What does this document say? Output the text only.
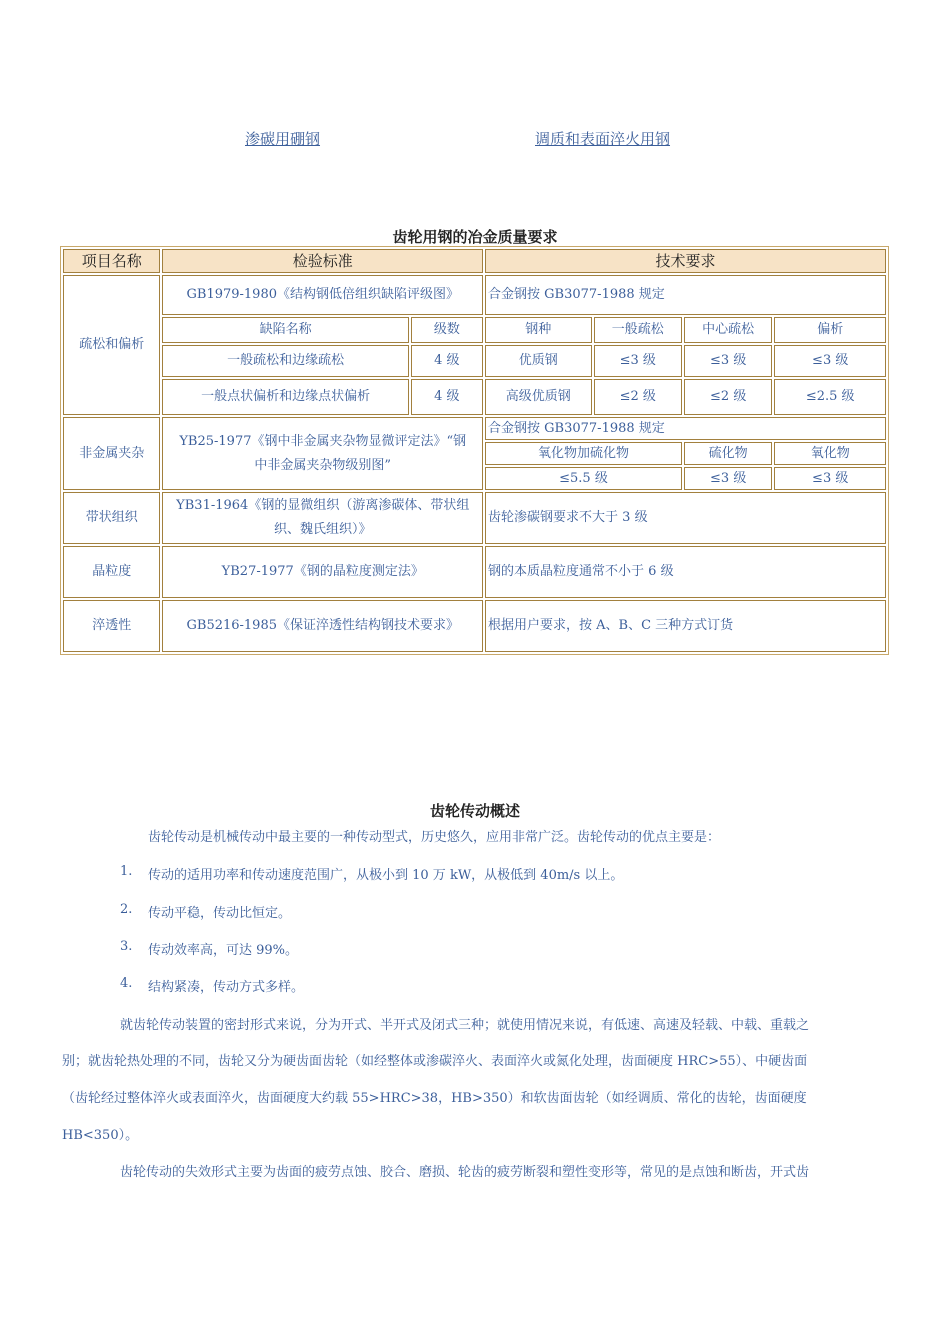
渗碳用硼钢	调质和表面淬火用钢
齿轮用钢的冶金质量要求
项目名称	检验标准		技术要求			
疏松和偏析	GB1979-1980《结构钢低倍组织缺陷评级图》		合金钢按 GB3077-1988 规定			
	缺陷名称	级数	钢种	一般疏松	中心疏松	偏析
	一般疏松和边缘疏松	4 级	优质钢	≤3 级	≤3 级	≤3 级
	一般点状偏析和边缘点状偏析	4 级	高级优质钢	≤2 级	≤2 级	≤2.5 级
非金属夹杂	YB25-1977《钢中非金属夹杂物显微评定法》“钢
中非金属夹杂物级别图”		合金钢按 GB3077-1988 规定			
			氧化物加硫化物		硫化物	氧化物
			≤5.5 级		≤3 级	≤3 级
带状组织	YB31-1964《钢的显微组织（游离渗碳体、带状组
织、魏氏组织）》		齿轮渗碳钢要求不大于 3 级			
晶粒度	YB27-1977《钢的晶粒度测定法》		钢的本质晶粒度通常不小于 6 级			
淬透性	GB5216-1985《保证淬透性结构钢技术要求》		根据用户要求，按 A、B、C 三种方式订货			
齿轮传动概述
齿轮传动是机械传动中最主要的一种传动型式，历史悠久，应用非常广泛。齿轮传动的优点主要是：
1. 传动的适用功率和传动速度范围广，从极小到 10 万 kW，从极低到 40m/s 以上。
2. 传动平稳，传动比恒定。
3. 传动效率高，可达 99%。
4. 结构紧凑，传动方式多样。
就齿轮传动装置的密封形式来说，分为开式、半开式及闭式三种；就使用情况来说，有低速、高速及轻载、中载、重载之
别；就齿轮热处理的不同，齿轮又分为硬齿面齿轮（如经整体或渗碳淬火、表面淬火或氮化处理，齿面硬度 HRC>55）、中硬齿面
（齿轮经过整体淬火或表面淬火，齿面硬度大约载 55>HRC>38，HB>350）和软齿面齿轮（如经调质、常化的齿轮，齿面硬度
HB<350）。
齿轮传动的失效形式主要为齿面的疲劳点蚀、胶合、磨损、轮齿的疲劳断裂和塑性变形等，常见的是点蚀和断齿，开式齿
